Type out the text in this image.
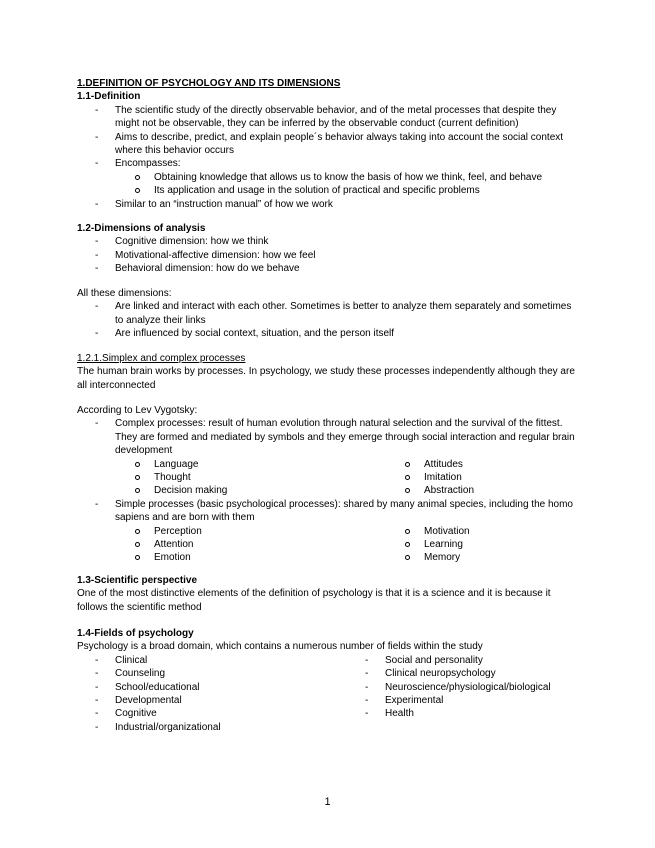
1.DEFINITION OF PSYCHOLOGY AND ITS DIMENSIONS
1.1-Definition
- The scientific study of the directly observable behavior, and of the metal processes that despite they might not be observable, they can be inferred by the observable conduct (current definition)
- Aims to describe, predict, and explain people´s behavior always taking into account the social context where this behavior occurs
- Encompasses:
Obtaining knowledge that allows us to know the basis of how we think, feel, and behave
Its application and usage in the solution of practical and specific problems
- Similar to an “instruction manual” of how we work
1.2-Dimensions of analysis
- Cognitive dimension: how we think
- Motivational-affective dimension: how we feel
- Behavioral dimension: how do we behave
All these dimensions:
- Are linked and interact with each other. Sometimes is better to analyze them separately and sometimes to analyze their links
- Are influenced by social context, situation, and the person itself
1.2.1.Simplex and complex processes
The human brain works by processes. In psychology, we study these processes independently although they are all interconnected
According to Lev Vygotsky:
- Complex processes: result of human evolution through natural selection and the survival of the fittest. They are formed and mediated by symbols and they emerge through social interaction and regular brain development
Language
Thought
Decision making
Attitudes
Imitation
Abstraction
- Simple processes (basic psychological processes): shared by many animal species, including the homo sapiens and are born with them
Perception
Attention
Emotion
Motivation
Learning
Memory
1.3-Scientific perspective
One of the most distinctive elements of the definition of psychology is that it is a science and it is because it follows the scientific method
1.4-Fields of psychology
Psychology is a broad domain, which contains a numerous number of fields within the study
- Clinical
- Counseling
- School/educational
- Developmental
- Cognitive
- Industrial/organizational
- Social and personality
- Clinical neuropsychology
- Neuroscience/physiological/biological
- Experimental
- Health
1
